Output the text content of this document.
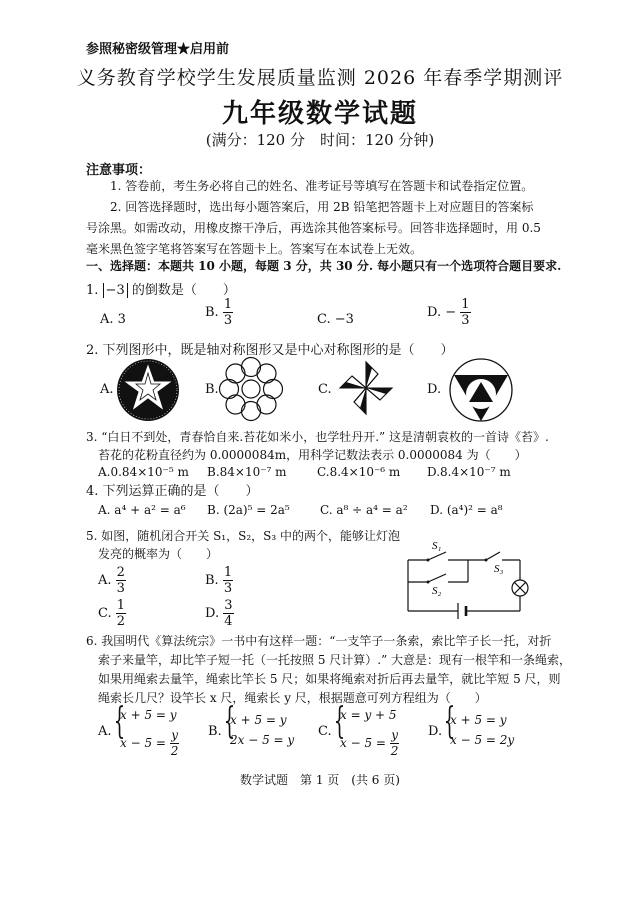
参照秘密级管理★启用前
义务教育学校学生发展质量监测 2026 年春季学期测评
九年级数学试题
(满分：120 分　时间：120 分钟)
注意事项：
1. 答卷前，考生务必将自己的姓名、准考证号等填写在答题卡和试卷指定位置。
2. 回答选择题时，选出每小题答案后，用 2B 铅笔把答题卡上对应题目的答案标
号涂黑。如需改动，用橡皮擦干净后，再选涂其他答案标号。回答非选择题时，用 0.5
毫米黑色签字笔将答案写在答题卡上。答案写在本试卷上无效。
一、选择题：本题共 10 小题，每题 3 分，共 30 分. 每小题只有一个选项符合题目要求.
1. −3 的倒数是（　　）
A. 3	B. $\frac{1}{3}$	C. −3	D. − $\frac{1}{3}$
2. 下列图形中，既是轴对称图形又是中心对称图形的是（　　）
A.	B.	C.	D.
3. “白日不到处，青春恰自来.苔花如米小，也学牡丹开.” 这是清朝袁枚的一首诗《苔》.
苔花的花粉直径约为 0.0000084m，用科学记数法表示 0.0000084 为（　　）
A.0.84×10⁻⁵ m B.84×10⁻⁷ m	C.8.4×10⁻⁶ m D.8.4×10⁻⁷ m
4. 下列运算正确的是（　　）
A. a⁴ + a² = a⁶ B. (2a)⁵ = 2a⁵	C. a⁸ ÷ a⁴ = a² D. (a⁴)² = a⁸
5. 如图，随机闭合开关 S₁，S₂，S₃ 中的两个，能够让灯泡
发亮的概率为（　　）
A. $\frac{2}{3}$	B. $\frac{1}{3}$
C. $\frac{1}{2}$	D. $\frac{3}{4}$
S₁
S₂
S₃
6. 我国明代《算法统宗》一书中有这样一题：“一支竿子一条索，索比竿子长一托，对折
索子来量竿，却比竿子短一托（一托按照 5 尺计算）.” 大意是：现有一根竿和一条绳索，
如果用绳索去量竿，绳索比竿长 5 尺；如果将绳索对折后再去量竿，就比竿短 5 尺，则
绳索长几尺？设竿长 x 尺，绳索长 y 尺，根据题意可列方程组为（　　）
A. {
x + 5 = y
$x - 5 = \frac{y}{2} B$. {
x + 5 = y
2x − 5 = y
C. {
x = y + 5
$x - 5 = \frac{y}{2} D$. {
x + 5 = y
x − 5 = 2y
数学试题　第 1 页　(共 6 页)
